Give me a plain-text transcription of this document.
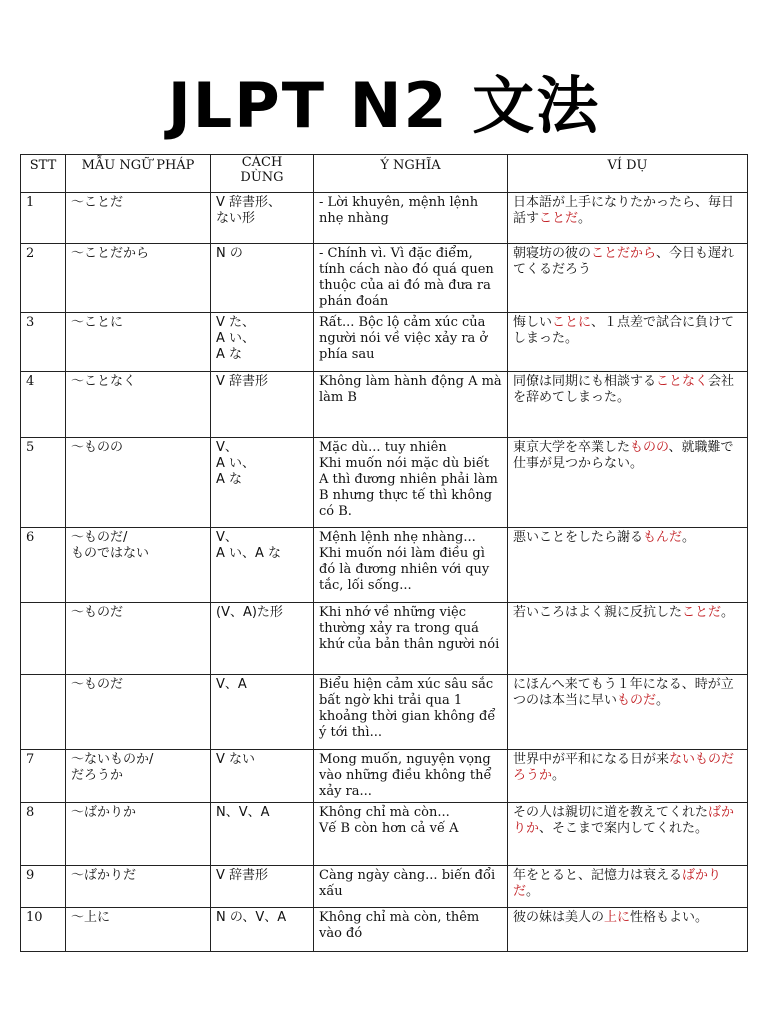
JLPT N2 文法
STT	MẪU NGỮ PHÁP	CÁCH DÙNG	Ý NGHĨA	VÍ DỤ
1	〜ことだ	V 辞書形、
ない形	- Lời khuyên, mệnh lệnh nhẹ nhàng	日本語が上手になりたかったら、毎日話すことだ。
2	〜ことだから	N の	- Chính vì. Vì đặc điểm, tính cách nào đó quá quen thuộc của ai đó mà đưa ra phán đoán	朝寝坊の彼のことだから、今日も遅れてくるだろう
3	〜ことに	V た、
A い、
A な	Rất... Bộc lộ cảm xúc của người nói về việc xảy ra ở phía sau	悔しいことに、１点差で試合に負けてしまった。
4	〜ことなく	V 辞書形	Không làm hành động A mà làm B	同僚は同期にも相談することなく会社を辞めてしまった。
5	〜ものの	V、
A い、
A な	Mặc dù... tuy nhiên
Khi muốn nói mặc dù biết A thì đương nhiên phải làm B nhưng thực tế thì không có B.	東京大学を卒業したものの、就職難で仕事が見つからない。
6	〜ものだ/
ものではない	V、
A い、A な	Mệnh lệnh nhẹ nhàng...
Khi muốn nói làm điều gì đó là đương nhiên với quy tắc, lối sống...	悪いことをしたら謝るもんだ。
	〜ものだ	(V、A)た形	Khi nhớ về những việc thường xảy ra trong quá khứ của bản thân người nói	若いころはよく親に反抗したことだ。
	〜ものだ	V、A	Biểu hiện cảm xúc sâu sắc bất ngờ khi trải qua 1 khoảng thời gian không để ý tới thì...	にほんへ来てもう１年になる、時が立つのは本当に早いものだ。
7	〜ないものか/
だろうか	V ない	Mong muốn, nguyện vọng vào những điều không thể xảy ra...	世界中が平和になる日が来ないものだろうか。
8	〜ばかりか	N、V、A	Không chỉ mà còn...
Vế B còn hơn cả vế A	その人は親切に道を教えてくれたばかりか、そこまで案内してくれた。
9	〜ばかりだ	V 辞書形	Càng ngày càng... biến đổi xấu	年をとると、記憶力は衰えるばかりだ。
10	〜上に	N の、V、A	Không chỉ mà còn, thêm vào đó	彼の妹は美人の上に性格もよい。
